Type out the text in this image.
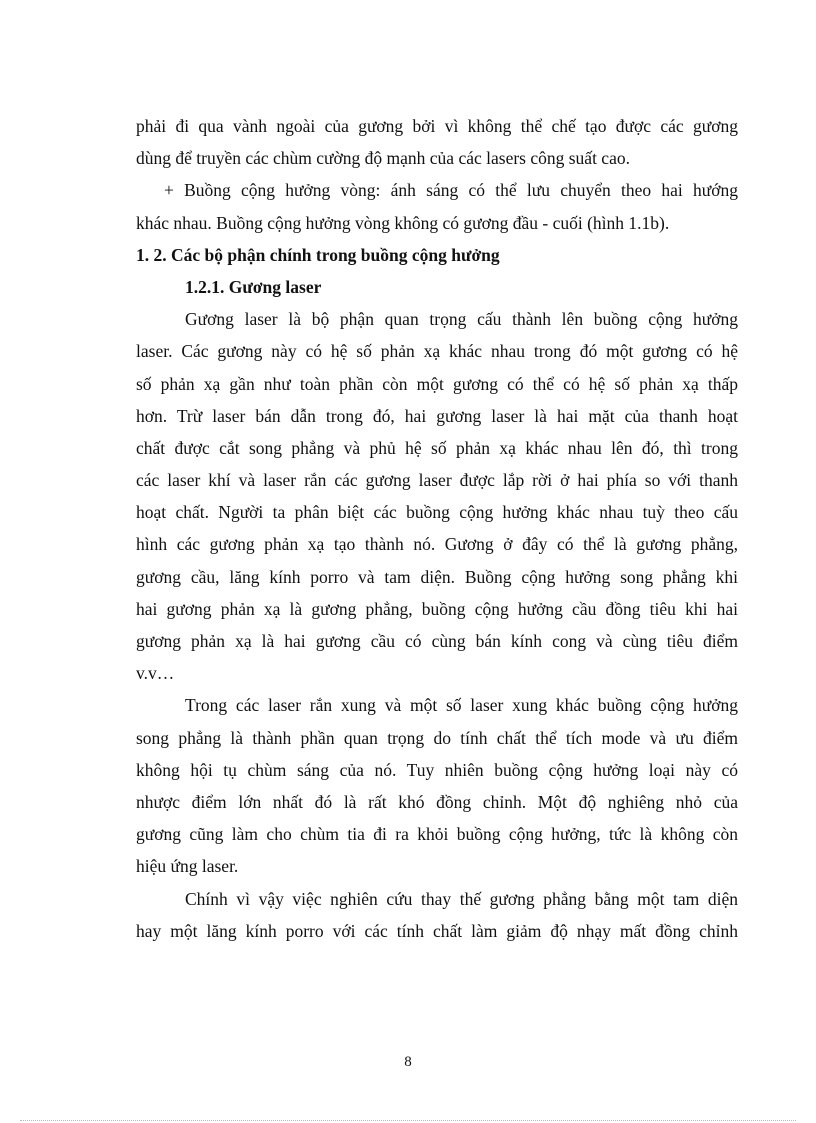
phải đi qua vành ngoài của gương bởi vì không thể chế tạo được các gương
dùng để truyền các chùm cường độ mạnh của các lasers công suất cao.
+ Buồng cộng hưởng vòng: ánh sáng có thể lưu chuyển theo hai hướng
khác nhau. Buồng cộng hưởng vòng không có gương đầu - cuối (hình 1.1b).
1. 2. Các bộ phận chính trong buồng cộng hưởng
1.2.1. Gương laser
Gương laser là bộ phận quan trọng cấu thành lên buồng cộng hưởng
laser. Các gương này có hệ số phản xạ khác nhau trong đó một gương có hệ
số phản xạ gần như toàn phần còn một gương có thể có hệ số phản xạ thấp
hơn. Trừ laser bán dẫn trong đó, hai gương laser là hai mặt của thanh hoạt
chất được cắt song phẳng và phủ hệ số phản xạ khác nhau lên đó, thì trong
các laser khí và laser rắn các gương laser được lắp rời ở hai phía so với thanh
hoạt chất. Người ta phân biệt các buồng cộng hưởng khác nhau tuỳ theo cấu
hình các gương phản xạ tạo thành nó. Gương ở đây có thể là gương phẳng,
gương cầu, lăng kính porro và tam diện. Buồng cộng hưởng song phẳng khi
hai gương phản xạ là gương phẳng, buồng cộng hưởng cầu đồng tiêu khi hai
gương phản xạ là hai gương cầu có cùng bán kính cong và cùng tiêu điểm
v.v…
Trong các laser rắn xung và một số laser xung khác buồng cộng hưởng
song phẳng là thành phần quan trọng do tính chất thể tích mode và ưu điểm
không hội tụ chùm sáng của nó. Tuy nhiên buồng cộng hưởng loại này có
nhược điểm lớn nhất đó là rất khó đồng chỉnh. Một độ nghiêng nhỏ của
gương cũng làm cho chùm tia đi ra khỏi buồng cộng hưởng, tức là không còn
hiệu ứng laser.
Chính vì vậy việc nghiên cứu thay thế gương phẳng bằng một tam diện
hay một lăng kính porro với các tính chất làm giảm độ nhạy mất đồng chỉnh
8
